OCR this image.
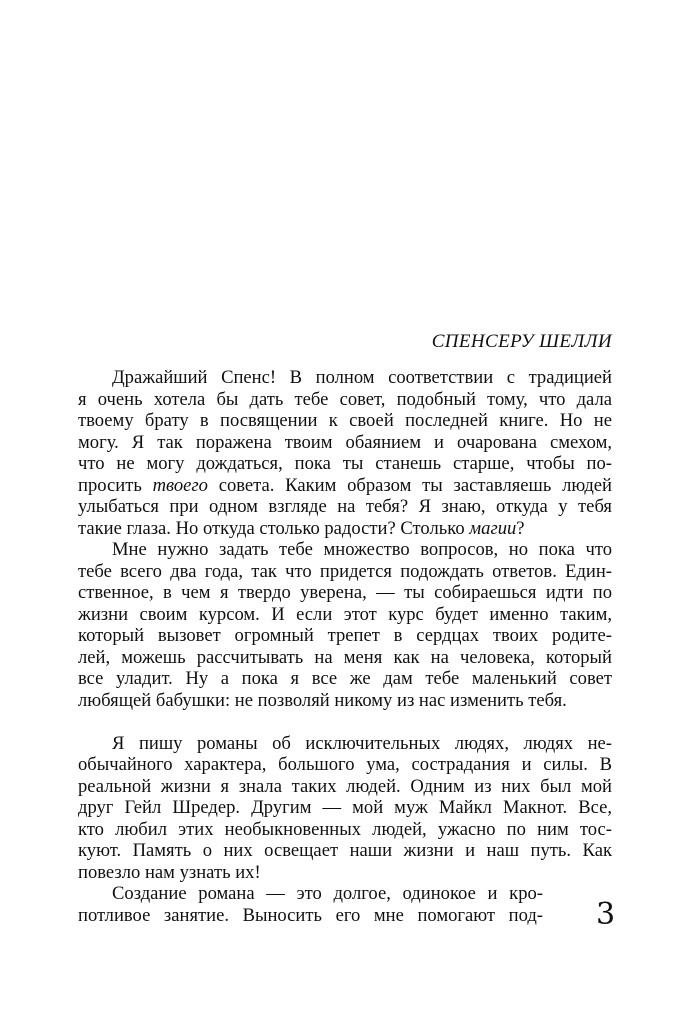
СПЕНСЕРУ ШЕЛЛИ
Дражайший Спенс! В полном соответствии с традицией
я очень хотела бы дать тебе совет, подобный тому, что дала
твоему брату в посвящении к своей последней книге. Но не
могу. Я так поражена твоим обаянием и очарована смехом,
что не могу дождаться, пока ты станешь старше, чтобы по-
просить твоего совета. Каким образом ты заставляешь людей
улыбаться при одном взгляде на тебя? Я знаю, откуда у тебя
такие глаза. Но откуда столько радости? Столько магии?
Мне нужно задать тебе множество вопросов, но пока что
тебе всего два года, так что придется подождать ответов. Един-
ственное, в чем я твердо уверена, — ты собираешься идти по
жизни своим курсом. И если этот курс будет именно таким,
который вызовет огромный трепет в сердцах твоих родите-
лей, можешь рассчитывать на меня как на человека, который
все уладит. Ну а пока я все же дам тебе маленький совет
любящей бабушки: не позволяй никому из нас изменить тебя.
Я пишу романы об исключительных людях, людях не-
обычайного характера, большого ума, сострадания и силы. В
реальной жизни я знала таких людей. Одним из них был мой
друг Гейл Шредер. Другим — мой муж Майкл Макнот. Все,
кто любил этих необыкновенных людей, ужасно по ним тос-
куют. Память о них освещает наши жизни и наш путь. Как
повезло нам узнать их!
Создание романа — это долгое, одинокое и кро-
потливое занятие. Выносить его мне помогают под- 3
